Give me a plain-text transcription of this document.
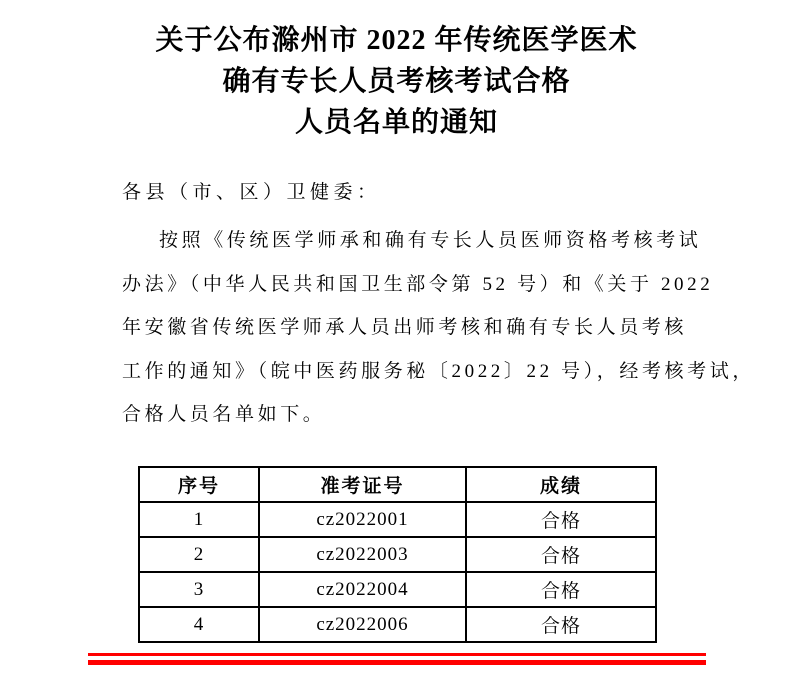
关于公布滁州市 2022 年传统医学医术
确有专长人员考核考试合格
人员名单的通知

各县（市、区）卫健委：

按照《传统医学师承和确有专长人员医师资格考核考试
办法》（中华人民共和国卫生部令第 52 号）和《关于 2022
年安徽省传统医学师承人员出师考核和确有专长人员考核
工作的通知》（皖中医药服务秘〔2022〕22 号），经考核考试，
合格人员名单如下。
序号	准考证号	成绩
1	cz2022001	合格
2	cz2022003	合格
3	cz2022004	合格
4	cz2022006	合格
